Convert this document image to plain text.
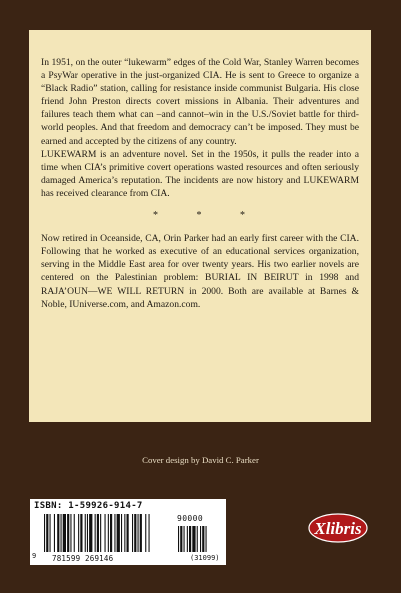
In 1951, on the outer “lukewarm” edges of the Cold War, Stanley Warren becomes a PsyWar operative in the just-organized CIA. He is sent to Greece to organize a “Black Radio” station, calling for resistance inside communist Bulgaria. His close friend John Preston directs covert missions in Albania. Their adventures and failures teach them what can –and cannot–win in the U.S./Soviet battle for third-world peoples. And that freedom and democracy can’t be imposed. They must be earned and accepted by the citizens of any country.

LUKEWARM is an adventure novel. Set in the 1950s, it pulls the reader into a time when CIA’s primitive covert operations wasted resources and often seriously damaged America’s reputation. The incidents are now history and LUKEWARM has received clearance from CIA.

* * *

Now retired in Oceanside, CA, Orin Parker had an early first career with the CIA. Following that he worked as executive of an educational services organization, serving in the Middle East area for over twenty years. His two earlier novels are centered on the Palestinian problem: BURIAL IN BEIRUT in 1998 and RAJA’OUN—WE WILL RETURN in 2000. Both are available at Barnes & Noble, IUniverse.com, and Amazon.com.

Cover design by David C. Parker
ISBN: 1-59926-914-7
90000
9 781599 269146	(31099)
Xlibris
